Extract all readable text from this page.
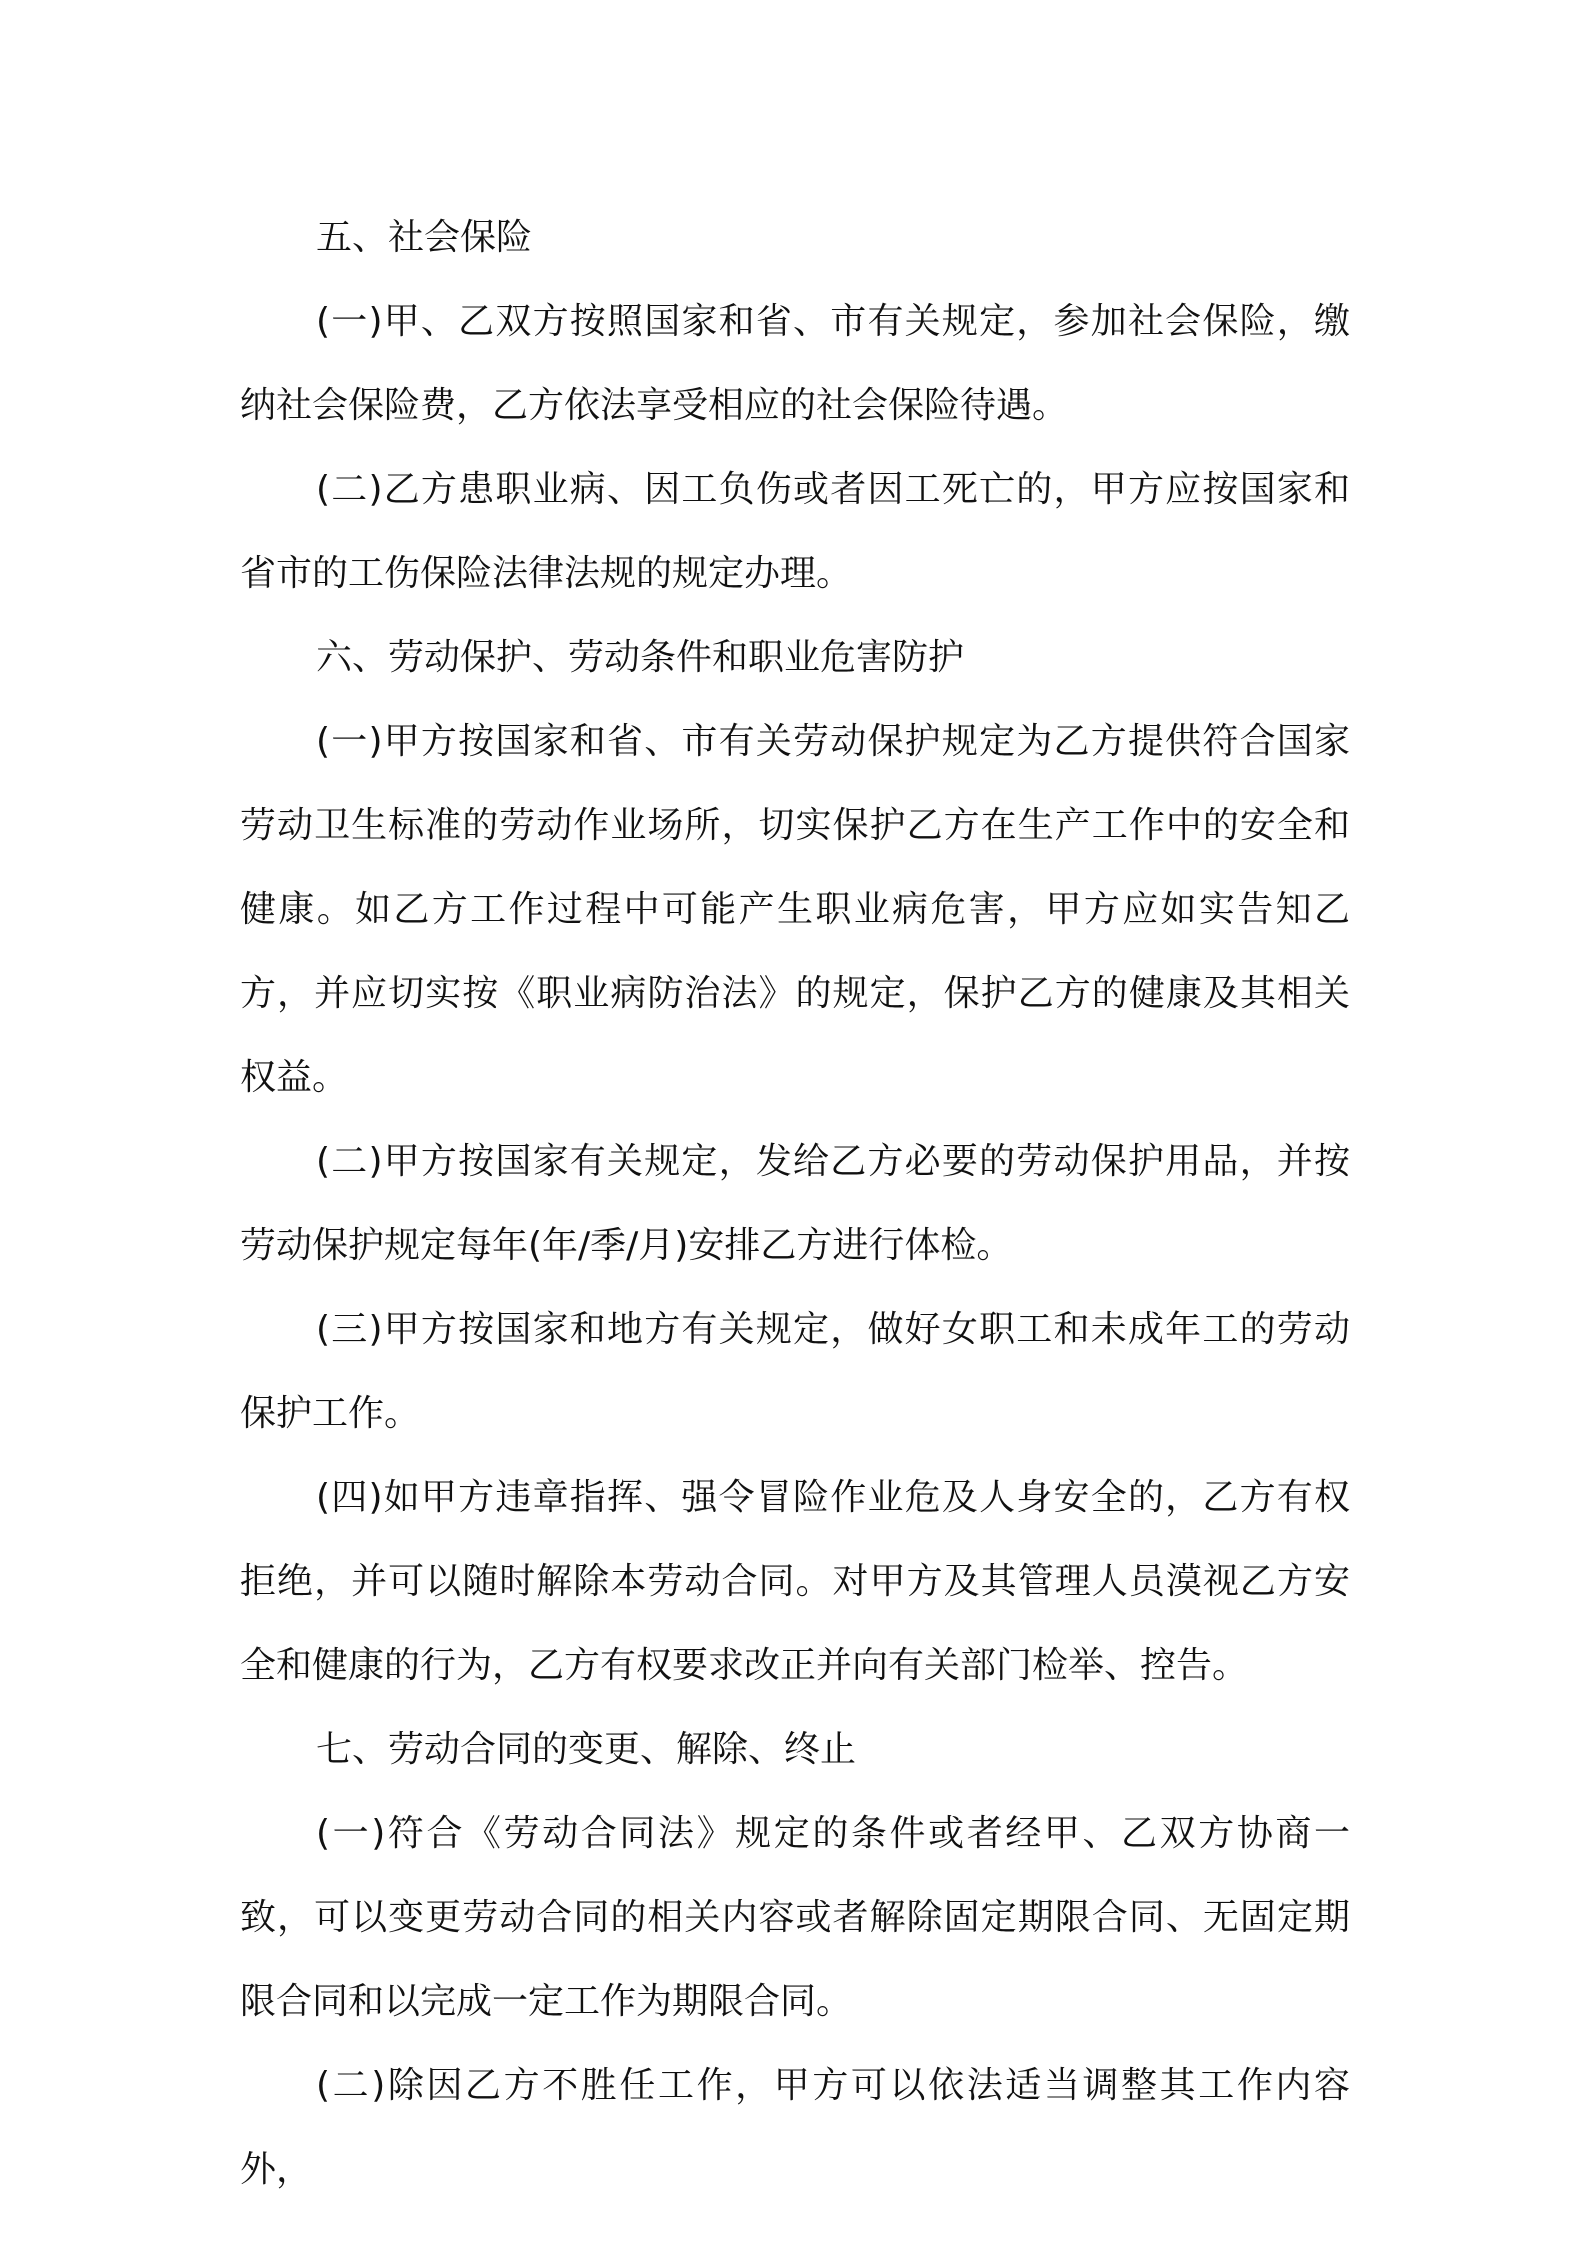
五、社会保险

(一)甲、乙双方按照国家和省、市有关规定，参加社会保险，缴纳社会保险费，乙方依法享受相应的社会保险待遇。

(二)乙方患职业病、因工负伤或者因工死亡的，甲方应按国家和省市的工伤保险法律法规的规定办理。

六、劳动保护、劳动条件和职业危害防护

(一)甲方按国家和省、市有关劳动保护规定为乙方提供符合国家劳动卫生标准的劳动作业场所，切实保护乙方在生产工作中的安全和健康。如乙方工作过程中可能产生职业病危害，甲方应如实告知乙方，并应切实按《职业病防治法》的规定，保护乙方的健康及其相关权益。

(二)甲方按国家有关规定，发给乙方必要的劳动保护用品，并按劳动保护规定每年(年/季/月)安排乙方进行体检。

(三)甲方按国家和地方有关规定，做好女职工和未成年工的劳动保护工作。

(四)如甲方违章指挥、强令冒险作业危及人身安全的，乙方有权拒绝，并可以随时解除本劳动合同。对甲方及其管理人员漠视乙方安全和健康的行为，乙方有权要求改正并向有关部门检举、控告。

七、劳动合同的变更、解除、终止

(一)符合《劳动合同法》规定的条件或者经甲、乙双方协商一致，可以变更劳动合同的相关内容或者解除固定期限合同、无固定期限合同和以完成一定工作为期限合同。

(二)除因乙方不胜任工作，甲方可以依法适当调整其工作内容外，
